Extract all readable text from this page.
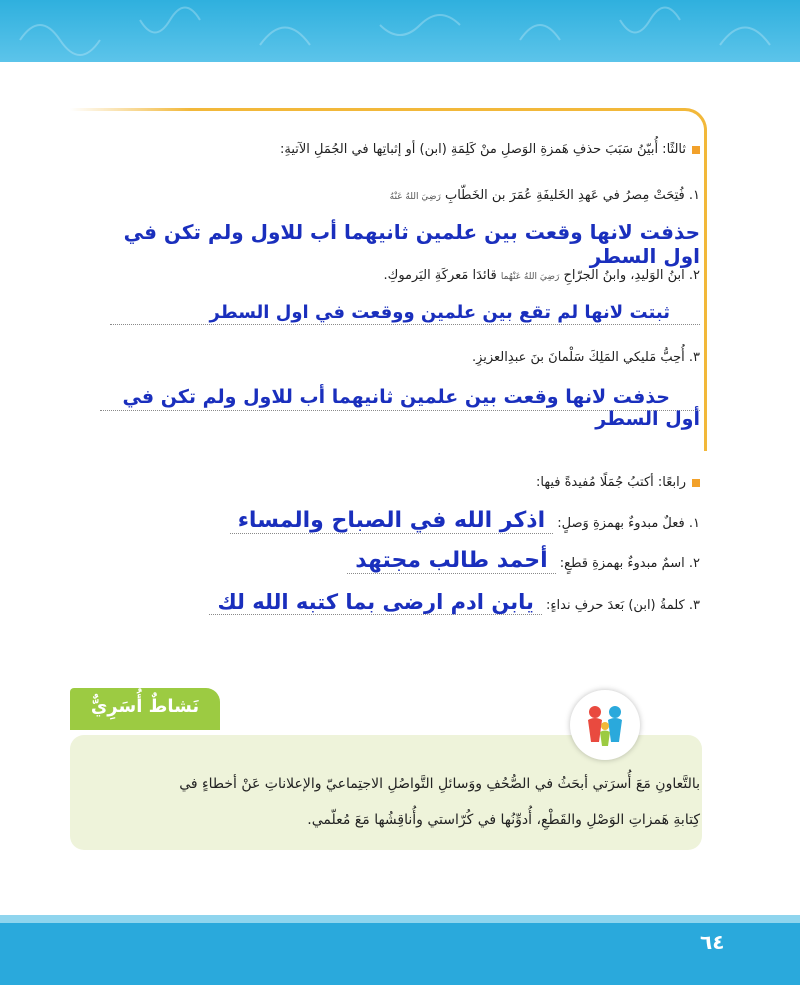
ثالثًا: أُبيّنُ سَبَبَ حذفِ هَمزةِ الوَصلِ منْ كَلِمَةِ (ابن) أو إثباتِها في الجُمَلِ الآتيةِ:
١. فُتِحَتْ مِصرُ في عَهدِ الخَليفَةِ عُمَرَ بن الخَطّابِ رَضِيَ اللهُ عَنْهُ
حذفت لانها وقعت بين علمين ثانيهما أب للاول ولم تكن في اول السطر
٢. ابنُ الوَليدِ، وابنُ الجرّاحِ رَضِيَ اللهُ عَنْهُما قائدَا مَعركَةِ اليَرموكِ.
ثبتت لانها لم تقع بين علمين ووقعت في اول السطر
٣. أُحِبُّ مَليكي المَلِكَ سَلْمانَ بنَ عبدِالعزيزِ.
حذفت لانها وقعت بين علمين ثانيهما أب للاول ولم تكن في أول السطر
رابعًا: أكتبُ جُمَلًا مُفيدةً فيها:
١. فعلٌ مبدوءٌ بهمزةِ وَصلٍ: اذكر الله في الصباح والمساء
٢. اسمٌ مبدوءٌ بهمزةِ قطعٍ: أحمد طالب مجتهد
٣. كلمةُ (ابن) بَعدَ حرفِ نداءٍ: يابن ادم ارضى بما كتبه الله لك
نَشاطٌ أُسَرِيٌّ
بالتَّعاونِ مَعَ أُسرَتي أبحَثُ في الصُّحُفِ ووَسائلِ التَّواصُلِ الاجتِماعيّ والإعلاناتِ عَنْ أخطاءٍ في
كِتابةِ هَمزاتِ الوَصْلِ والقَطْعِ، أُدوِّنُها في كُرّاستي وأُناقِشُها مَعَ مُعلّمي.
٦٤
